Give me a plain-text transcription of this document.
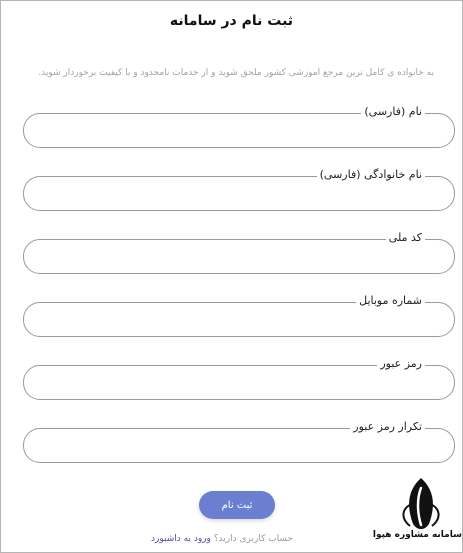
ثبت نام در سامانه
به خانواده ی کامل ترین مرجع آموزشی کشور ملحق شوید و از خدمات نامحدود و با کیفیت برخوردار شوید.
نام (فارسی)
نام خانوادگی (فارسی)
کد ملی
شماره موبایل
رمز عبور
تکرار رمز عبور
ثبت نام
حساب کاربری دارید؟ ورود به داشبورد	سامانه مشاوره هپوا
